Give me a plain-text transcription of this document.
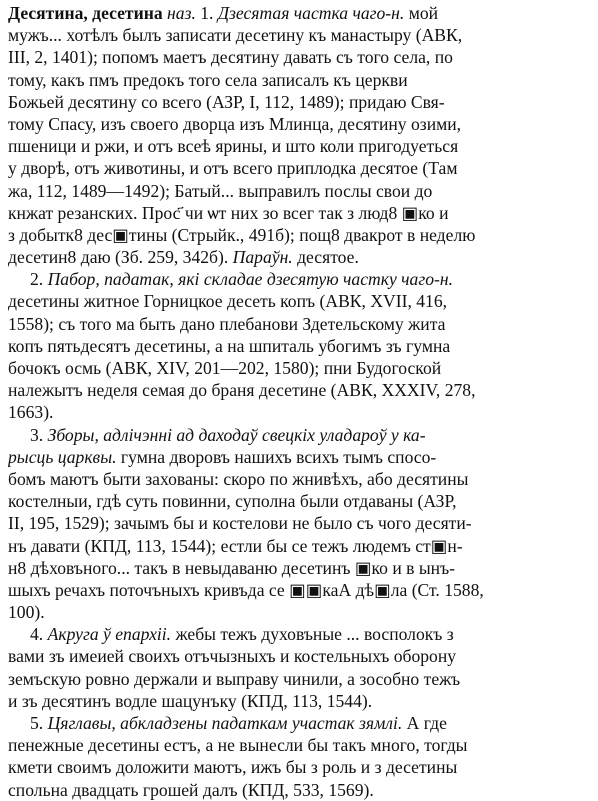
Десятина, десетина наз. 1. Дзесятая частка чаго-н. мой
мужъ... хотѣлъ былъ записати десетину къ манастыру (АВК,
III, 2, 1401); попомъ маетъ десятину давать съ того села, по
тому, какъ пмъ предокъ того села записалъ къ церкви
Божьей десятину со всего (АЗР, I, 112, 1489); придаю Свя-
тому Спасу, изъ своего дворца изъ Млинца, десятину озими,
пшеници и ржи, и отъ всеѣ ярины, и што коли пригодуеться
у дворѣ, отъ животины, и отъ всего приплодка десятое (Там
жа, 112, 1489—1492); Батый... выправилъ послы свои до
кнжат резанских. Прос҃ чи ѡт них зо всег так з люд8 ▣ко и
з добытк8 дес▣тины (Стрыйк., 491б); пощ8 двакрот в неделю
десетин8 даю (Зб. 259, 342б). Параўн. десятое.
2. Пабор, падатак, які складае дзесятую частку чаго-н.
десетины житное Горницкое десеть копъ (АВК, XVII, 416,
1558); съ того ма быть дано плебанови Здетельскому жита
копъ пятьдесятъ десетины, а на шпиталь убогимъ зъ гумна
бочокъ осмь (АВК, XIV, 201—202, 1580); пни Будогоской
належытъ неделя семая до браня десетине (АВК, XXXIV, 278,
1663).
3. Зборы, адлічэнні ад даходаў свецкіх уладароў у ка-
рысць царквы. гумна дворовъ нашихъ всихъ тымъ спосо-
бомъ маютъ быти захованы: скоро по жнивѣхъ, або десятины
костелныи, гдѣ суть повинни, суполна были отдаваны (АЗР,
II, 195, 1529); зачымъ бы и костелови не было съ чого десяти-
нъ давати (КПД, 113, 1544); естли бы се тежъ людемъ ст▣н-
н8 дѣховъного... такъ в невыдаваню десетинъ ▣ко и в ынъ-
шыхъ речахъ поточъныхъ кривъда се ▣▣каА дѣ▣ла (Ст. 1588,
100).
4. Акруга ў епархіі. жебы тежъ духовъные ... восполокъ з
вами зъ имеией своихъ отъчызныхъ и костельныхъ оборону
земъскую ровно держали и выправу чинили, а зособно тежъ
и зъ десятинъ водле шацунъку (КПД, 113, 1544).
5. Цяглавы, абкладзены падаткам участак зямлі. А где
пенежные десетины естъ, а не вынесли бы такъ много, тогды
кмети своимъ доложити маютъ, ижъ бы з роль и з десетины
спольна двадцать грошей далъ (КПД, 533, 1569).
